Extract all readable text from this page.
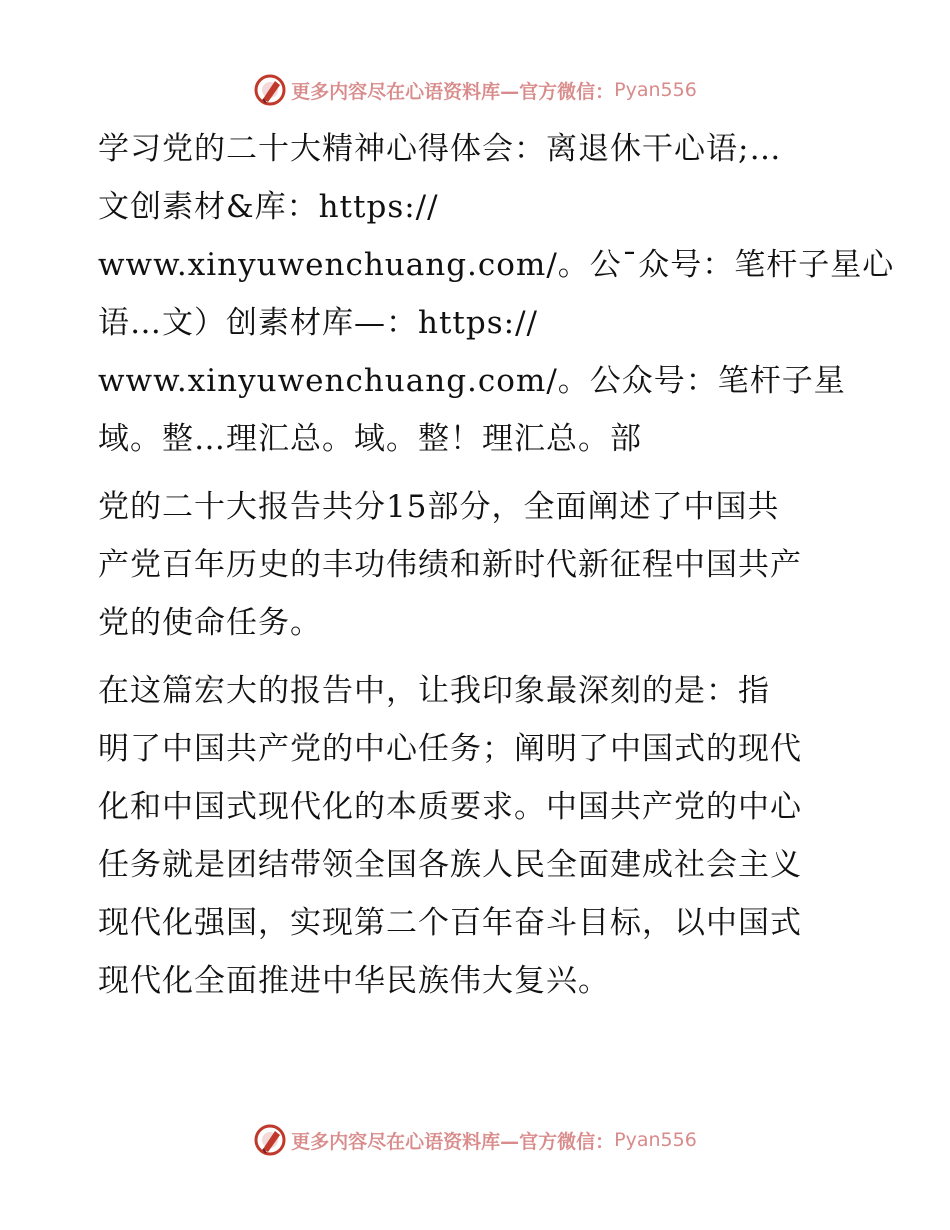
更多内容尽在心语资料库—官方微信： Pyan556

学习党的二十大精神心得体会：离退休干心语;…
文创素材&库：https://
www.xinyuwenchuang.com/。公¯众号：笔杆子星心
语…文）创素材库—：https://
www.xinyuwenchuang.com/。公众号：笔杆子星
域。整…理汇总。域。整！理汇总。部

党的二十大报告共分15部分，全面阐述了中国共
产党百年历史的丰功伟绩和新时代新征程中国共产
党的使命任务。

在这篇宏大的报告中，让我印象最深刻的是：指
明了中国共产党的中心任务；阐明了中国式的现代
化和中国式现代化的本质要求。中国共产党的中心
任务就是团结带领全国各族人民全面建成社会主义
现代化强国，实现第二个百年奋斗目标，以中国式
现代化全面推进中华民族伟大复兴。

更多内容尽在心语资料库—官方微信： Pyan556
